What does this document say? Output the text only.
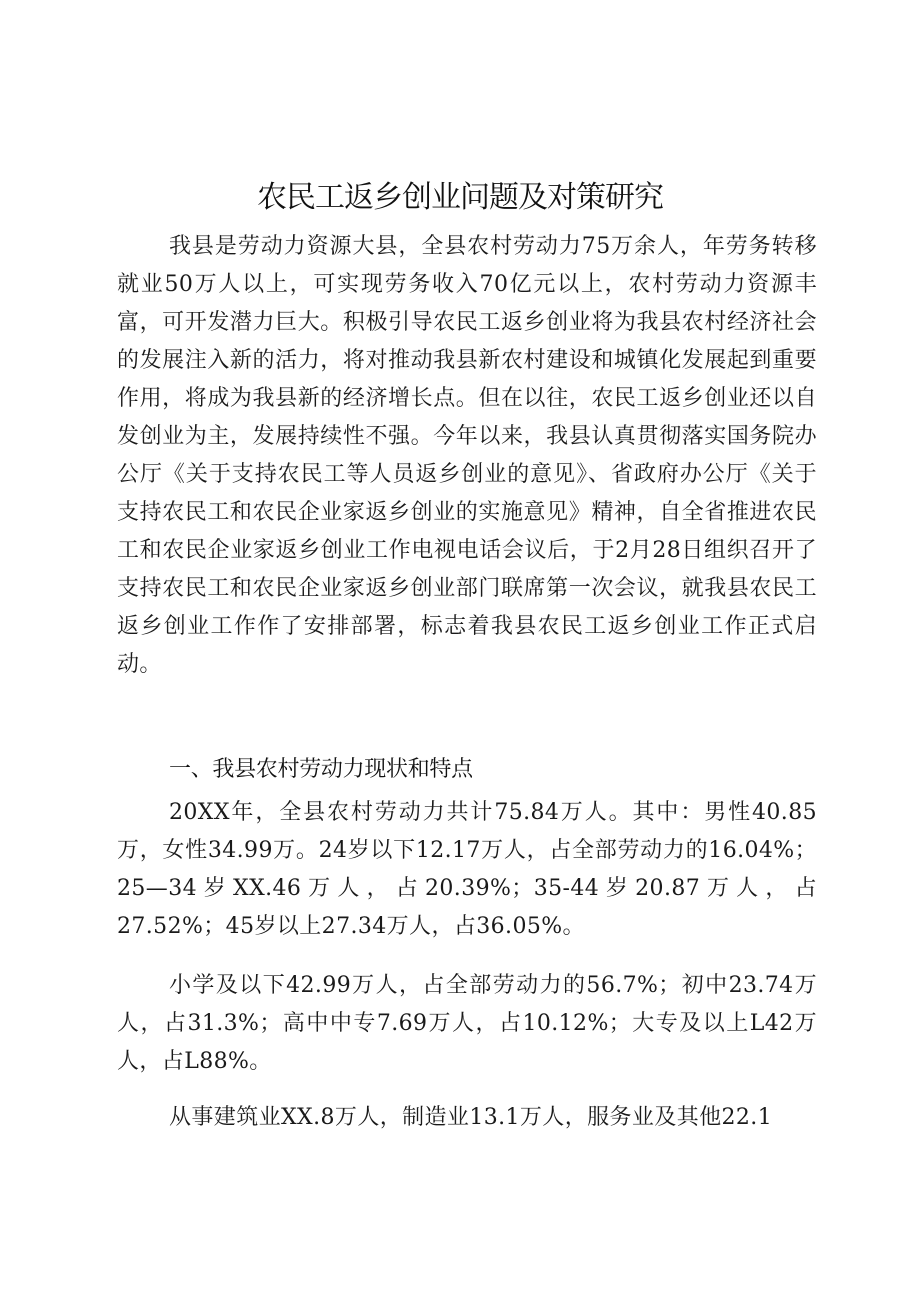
农民工返乡创业问题及对策研究

我县是劳动力资源大县，全县农村劳动力75万余人，年劳务转移就业50万人以上，可实现劳务收入70亿元以上，农村劳动力资源丰富，可开发潜力巨大。积极引导农民工返乡创业将为我县农村经济社会的发展注入新的活力，将对推动我县新农村建设和城镇化发展起到重要作用，将成为我县新的经济增长点。但在以往，农民工返乡创业还以自发创业为主，发展持续性不强。今年以来，我县认真贯彻落实国务院办公厅《关于支持农民工等人员返乡创业的意见》、省政府办公厅《关于支持农民工和农民企业家返乡创业的实施意见》精神，自全省推进农民工和农民企业家返乡创业工作电视电话会议后，于2月28日组织召开了支持农民工和农民企业家返乡创业部门联席第一次会议，就我县农民工返乡创业工作作了安排部署，标志着我县农民工返乡创业工作正式启动。

一、我县农村劳动力现状和特点

20XX年，全县农村劳动力共计75.84万人。其中：男性40.85万，女性34.99万。24岁以下12.17万人，占全部劳动力的16.04%；25—34岁XX.46万人，占20.39%；35-44岁20.87万人，占27.52%；45岁以上27.34万人，占36.05%。

小学及以下42.99万人，占全部劳动力的56.7%；初中23.74万人，占31.3%；高中中专7.69万人，占10.12%；大专及以上L42万人，占L88%。

从事建筑业XX.8万人，制造业13.1万人，服务业及其他22.1
